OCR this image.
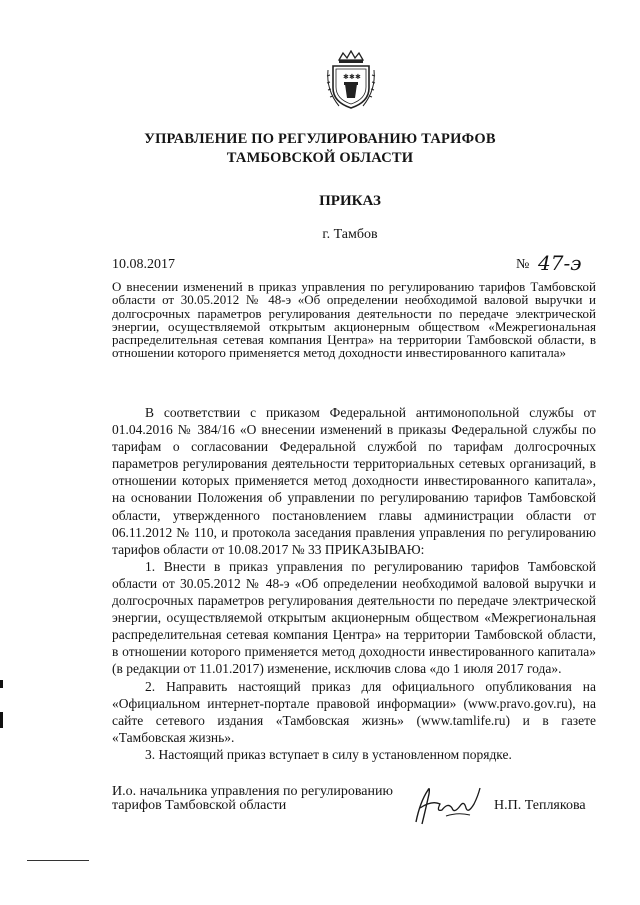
✱ ✱ ✱
УПРАВЛЕНИЕ ПО РЕГУЛИРОВАНИЮ ТАРИФОВ
ТАМБОВСКОЙ ОБЛАСТИ
ПРИКАЗ
г. Тамбов
10.08.2017	№ 47-э
О внесении изменений в приказ управления по регулированию тарифов Тамбовской области от 30.05.2012 № 48-э «Об определении необходимой валовой выручки и долгосрочных параметров регулирования деятельности по передаче электрической энергии, осуществляемой открытым акционерным обществом «Межрегиональная распределительная сетевая компания Центра» на территории Тамбовской области, в отношении которого применяется метод доходности инвестированного капитала»

В соответствии с приказом Федеральной антимонопольной службы от 01.04.2016 № 384/16 «О внесении изменений в приказы Федеральной службы по тарифам о согласовании Федеральной службой по тарифам долгосрочных параметров регулирования деятельности территориальных сетевых организаций, в отношении которых применяется метод доходности инвестированного капитала», на основании Положения об управлении по регулированию тарифов Тамбовской области, утвержденного постановлением главы администрации области от 06.11.2012 № 110, и протокола заседания правления управления по регулированию тарифов области от 10.08.2017 № 33 ПРИКАЗЫВАЮ:

1. Внести в приказ управления по регулированию тарифов Тамбовской области от 30.05.2012 № 48-э «Об определении необходимой валовой выручки и долгосрочных параметров регулирования деятельности по передаче электрической энергии, осуществляемой открытым акционерным обществом «Межрегиональная распределительная сетевая компания Центра» на территории Тамбовской области, в отношении которого применяется метод доходности инвестированного капитала» (в редакции от 11.01.2017) изменение, исключив слова «до 1 июля 2017 года».

2. Направить настоящий приказ для официального опубликования на «Официальном интернет-портале правовой информации» (www.pravo.gov.ru), на сайте сетевого издания «Тамбовская жизнь» (www.tamlife.ru) и в газете «Тамбовская жизнь».

3. Настоящий приказ вступает в силу в установленном порядке.

И.о. начальника управления по регулированию
тарифов Тамбовской области	Н.П. Теплякова
